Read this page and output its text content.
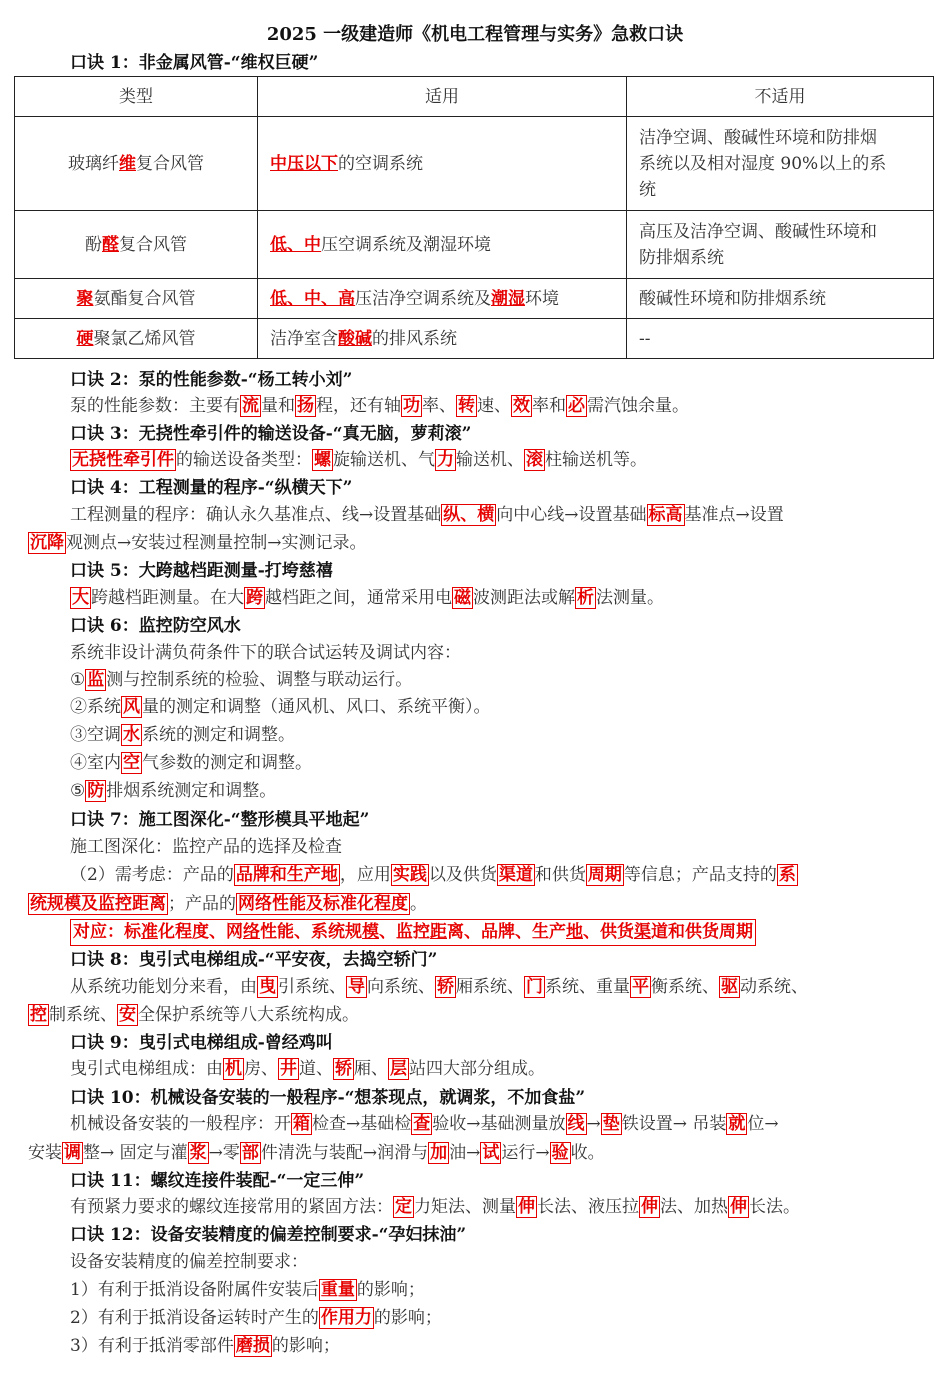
2025 一级建造师《机电工程管理与实务》急救口诀
口诀 1：非金属风管-“维权巨硬”
类型	适用	不适用
玻璃纤维复合风管	中压以下的空调系统	洁净空调、酸碱性环境和防排烟
系统以及相对湿度 90%以上的系
统

酚醛复合风管	低、中压空调系统及潮湿环境	高压及洁净空调、酸碱性环境和
防排烟系统

聚氨酯复合风管	低、中、高压洁净空调系统及潮湿环境	酸碱性环境和防排烟系统
硬聚氯乙烯风管	洁净室含酸碱的排风系统	--
口诀 2：泵的性能参数-“杨工转小刘”
泵的性能参数：主要有 流 量和 扬 程，还有轴 功 率、 转 速、 效 率和 必 需汽蚀余量。
口诀 3：无挠性牵引件的输送设备-“真无脑，萝莉滚”
无挠性牵引件 的输送设备类型： 螺 旋输送机、气 力 输送机、 滚 柱输送机等。
口诀 4：工程测量的程序-“纵横天下”
工程测量的程序：确认永久基准点、线→设置基础 纵、横 向中心线→设置基础 标高 基准点→设置
沉降 观测点→安装过程测量控制→实测记录。
口诀 5：大跨越档距测量-打垮慈禧
大 跨越档距测量。在大 跨 越档距之间，通常采用电 磁 波测距法或解 析 法测量。
口诀 6：监控防空风水
系统非设计满负荷条件下的联合试运转及调试内容：
① 监 测与控制系统的检验、调整与联动运行。
②系统 风 量的测定和调整（通风机、风口、系统平衡）。
③空调 水 系统的测定和调整。
④室内 空 气参数的测定和调整。
⑤ 防 排烟系统测定和调整。
口诀 7：施工图深化-“整形模具平地起”
施工图深化：监控产品的选择及检查
（2）需考虑：产品的 品牌和生产地 ，应用 实践 以及供货 渠道 和供货 周期 等信息；产品支持的 系
统规模及监控距离 ；产品的 网络性能及标准化程度 。
对应：标准化程度、网络性能、系统规模、监控距离、品牌、生产地、供货渠道和供货周期
口诀 8：曳引式电梯组成-“平安夜，去捣空轿门”
从系统功能划分来看，由 曳 引系统、 导 向系统、 轿 厢系统、 门 系统、重量 平 衡系统、 驱 动系统、
控 制系统、 安 全保护系统等八大系统构成。
口诀 9：曳引式电梯组成-曾经鸡叫
曳引式电梯组成：由 机 房、 井 道、 轿 厢、 层 站四大部分组成。
口诀 10：机械设备安装的一般程序-“想茶现点，就调浆，不加食盐”
机械设备安装的一般程序：开 箱 检查→基础检 查 验收→基础测量放 线 → 垫 铁设置→ 吊装 就 位→
安装 调 整→ 固定与灌 浆 →零 部 件清洗与装配→润滑与 加 油→ 试 运行→ 验 收。
口诀 11：螺纹连接件装配-“一定三伸”
有预紧力要求的螺纹连接常用的紧固方法： 定 力矩法、测量 伸 长法、液压拉 伸 法、加热 伸 长法。
口诀 12：设备安装精度的偏差控制要求-“孕妇抹油”
设备安装精度的偏差控制要求：
1）有利于抵消设备附属件安装后 重量 的影响；
2）有利于抵消设备运转时产生的 作用力 的影响；
3）有利于抵消零部件 磨损 的影响；
